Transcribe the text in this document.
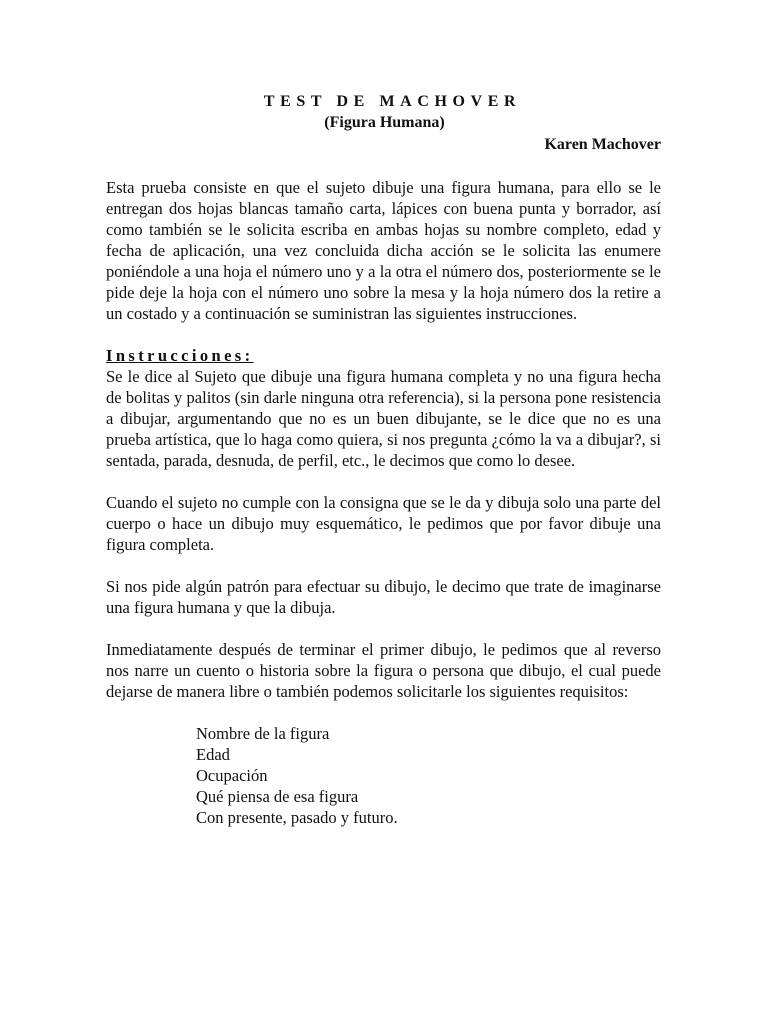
TEST DE MACHOVER
(Figura Humana)
Karen Machover

Esta prueba consiste en que el sujeto dibuje una figura humana, para ello se le entregan dos hojas blancas tamaño carta, lápices con buena punta y borrador, así como también se le solicita escriba en ambas hojas su nombre completo, edad y fecha de aplicación, una vez concluida dicha acción se le solicita las enumere poniéndole a una hoja el número uno y a la otra el número dos, posteriormente se le pide deje la hoja con el número uno sobre la mesa y la hoja número dos la retire a un costado y a continuación se suministran las siguientes instrucciones.

Instrucciones:

Se le dice al Sujeto que dibuje una figura humana completa y no una figura hecha de bolitas y palitos (sin darle ninguna otra referencia), si la persona pone resistencia a dibujar, argumentando que no es un buen dibujante, se le dice que no es una prueba artística, que lo haga como quiera, si nos pregunta ¿cómo la va a dibujar?, si sentada, parada, desnuda, de perfil, etc., le decimos que como lo desee.

Cuando el sujeto no cumple con la consigna que se le da y dibuja solo una parte del cuerpo o hace un dibujo muy esquemático, le pedimos que por favor dibuje una figura completa.

Si nos pide algún patrón para efectuar su dibujo, le decimo que trate de imaginarse una figura humana y que la dibuja.

Inmediatamente después de terminar el primer dibujo, le pedimos que al reverso nos narre un cuento o historia sobre la figura o persona que dibujo, el cual puede dejarse de manera libre o también podemos solicitarle los siguientes requisitos:

Nombre de la figura
Edad
Ocupación
Qué piensa de esa figura
Con presente, pasado y futuro.
